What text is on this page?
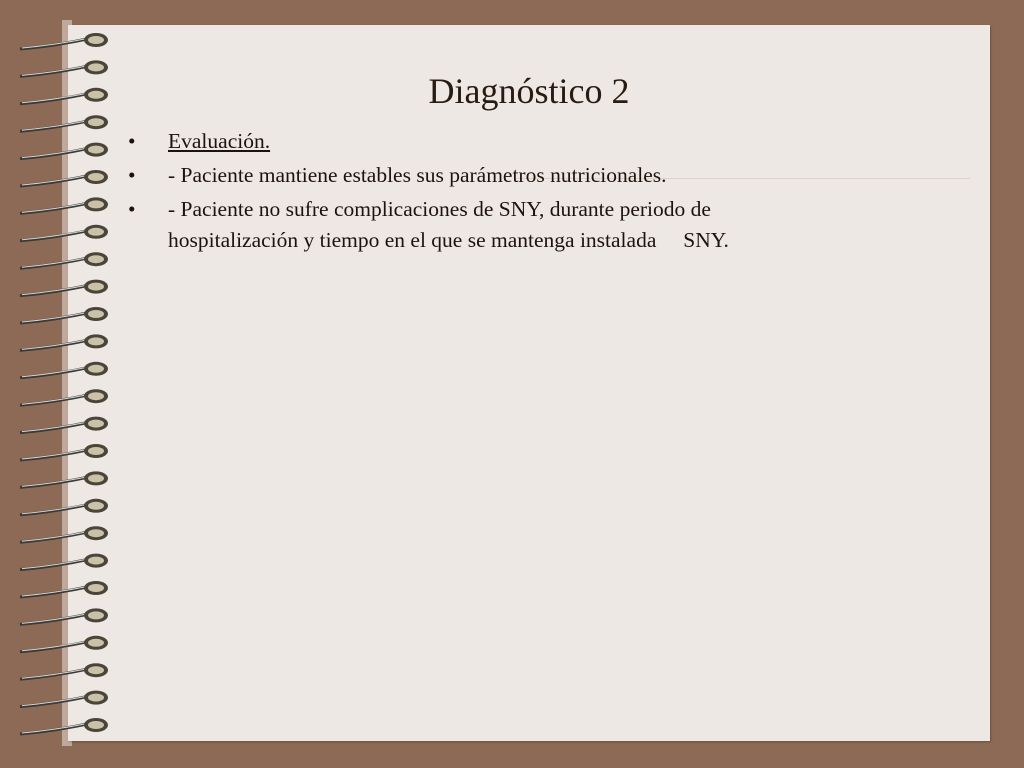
Diagnóstico 2
• Evaluación.
• - Paciente mantiene estables sus parámetros nutricionales.
• - Paciente no sufre complicaciones de SNY, durante periodo de hospitalización y tiempo en el que se mantenga instalada     SNY.
